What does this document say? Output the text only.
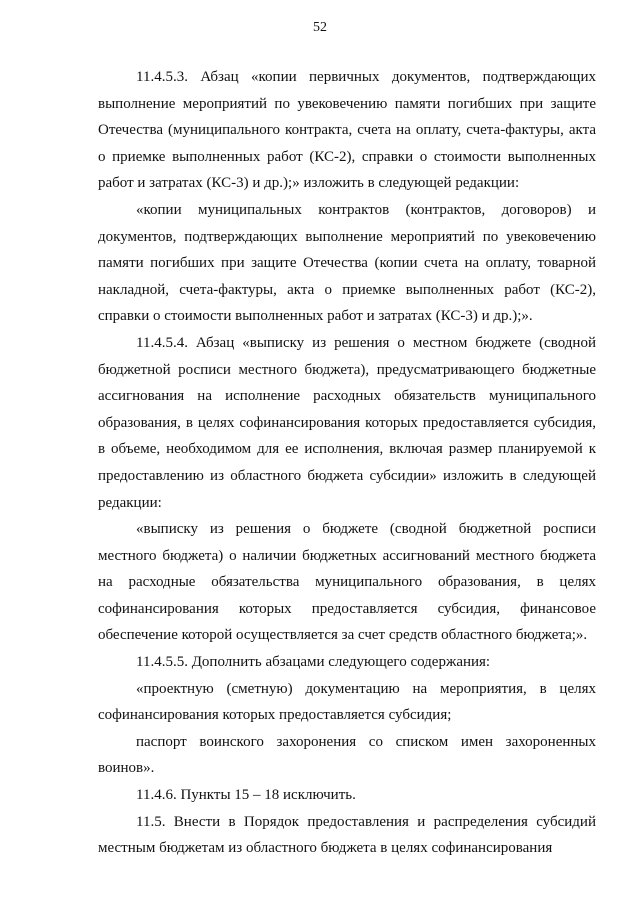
52

11.4.5.3. Абзац «копии первичных документов, подтверждающих выполнение мероприятий по увековечению памяти погибших при защите Отечества (муниципального контракта, счета на оплату, счета-фактуры, акта о приемке выполненных работ (КС-2), справки о стоимости выполненных работ и затратах (КС-3) и др.);» изложить в следующей редакции:

«копии муниципальных контрактов (контрактов, договоров) и документов, подтверждающих выполнение мероприятий по увековечению памяти погибших при защите Отечества (копии счета на оплату, товарной накладной, счета-фактуры, акта о приемке выполненных работ (КС-2), справки о стоимости выполненных работ и затратах (КС-3) и др.);».

11.4.5.4. Абзац «выписку из решения о местном бюджете (сводной бюджетной росписи местного бюджета), предусматривающего бюджетные ассигнования на исполнение расходных обязательств муниципального образования, в целях софинансирования которых предоставляется субсидия, в объеме, необходимом для ее исполнения, включая размер планируемой к предоставлению из областного бюджета субсидии» изложить в следующей редакции:

«выписку из решения о бюджете (сводной бюджетной росписи местного бюджета) о наличии бюджетных ассигнований местного бюджета на расходные обязательства муниципального образования, в целях софинансирования которых предоставляется субсидия, финансовое обеспечение которой осуществляется за счет средств областного бюджета;».

11.4.5.5. Дополнить абзацами следующего содержания:

«проектную (сметную) документацию на мероприятия, в целях софинансирования которых предоставляется субсидия;

паспорт воинского захоронения со списком имен захороненных воинов».

11.4.6. Пункты 15 – 18 исключить.

11.5. Внести в Порядок предоставления и распределения субсидий местным бюджетам из областного бюджета в целях софинансирования
